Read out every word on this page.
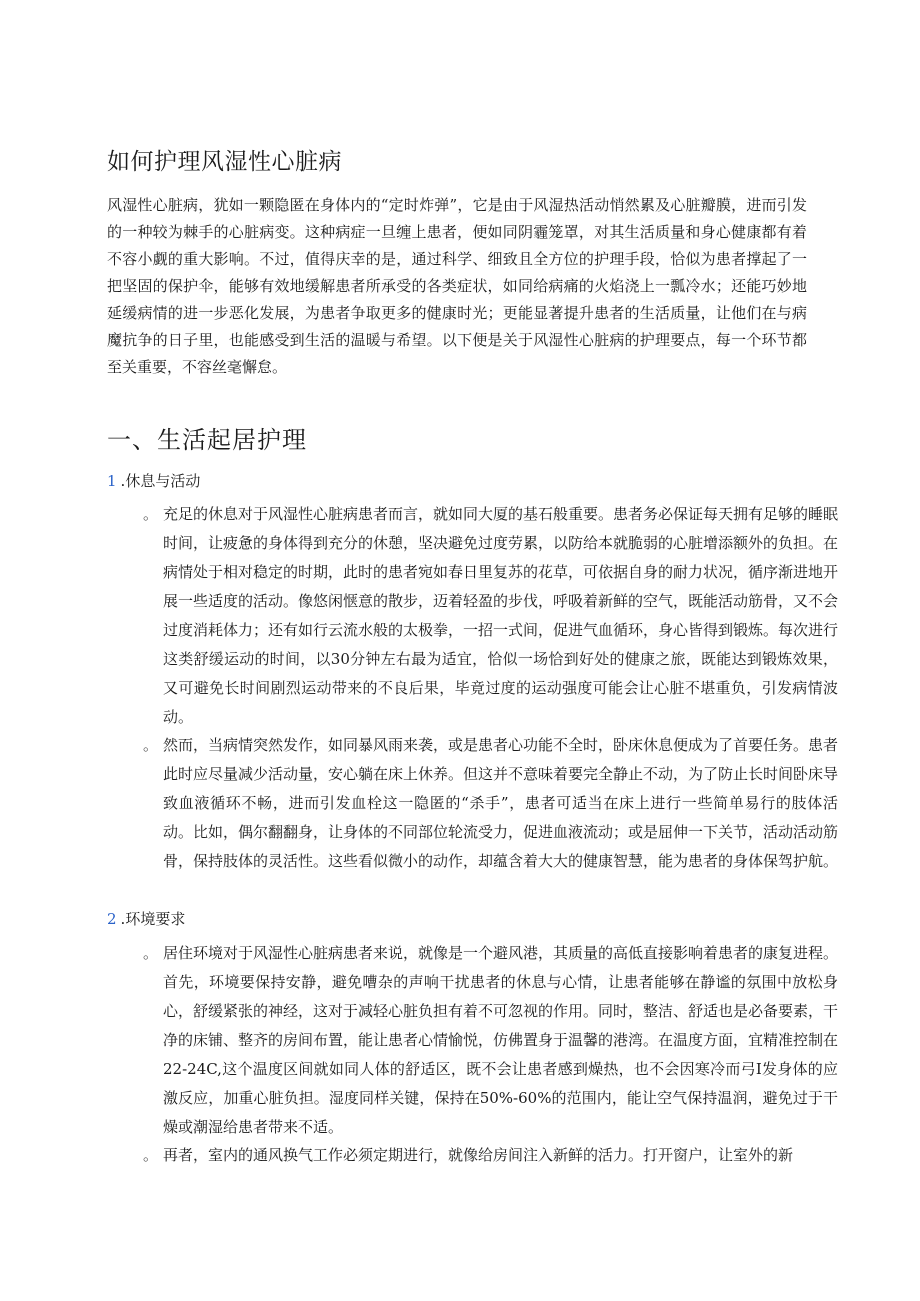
如何护理风湿性心脏病

风湿性心脏病，犹如一颗隐匿在身体内的“定时炸弹”，它是由于风湿热活动悄然累及心脏瓣膜，进而引发的一种较为棘手的心脏病变。这种病症一旦缠上患者，便如同阴霾笼罩，对其生活质量和身心健康都有着不容小觑的重大影响。不过，值得庆幸的是，通过科学、细致且全方位的护理手段，恰似为患者撑起了一把坚固的保护伞，能够有效地缓解患者所承受的各类症状，如同给病痛的火焰浇上一瓢冷水；还能巧妙地延缓病情的进一步恶化发展，为患者争取更多的健康时光；更能显著提升患者的生活质量，让他们在与病魔抗争的日子里，也能感受到生活的温暖与希望。以下便是关于风湿性心脏病的护理要点，每一个环节都至关重要，不容丝毫懈怠。

一、生活起居护理

1 .休息与活动

。 充足的休息对于风湿性心脏病患者而言，就如同大厦的基石般重要。患者务必保证每天拥有足够的睡眠时间，让疲惫的身体得到充分的休憩，坚决避免过度劳累，以防给本就脆弱的心脏增添额外的负担。在病情处于相对稳定的时期，此时的患者宛如春日里复苏的花草，可依据自身的耐力状况，循序渐进地开展一些适度的活动。像悠闲惬意的散步，迈着轻盈的步伐，呼吸着新鲜的空气，既能活动筋骨，又不会过度消耗体力；还有如行云流水般的太极拳，一招一式间，促进气血循环，身心皆得到锻炼。每次进行这类舒缓运动的时间，以30分钟左右最为适宜，恰似一场恰到好处的健康之旅，既能达到锻炼效果，又可避免长时间剧烈运动带来的不良后果，毕竟过度的运动强度可能会让心脏不堪重负，引发病情波动。

。 然而，当病情突然发作，如同暴风雨来袭，或是患者心功能不全时，卧床休息便成为了首要任务。患者此时应尽量减少活动量，安心躺在床上休养。但这并不意味着要完全静止不动，为了防止长时间卧床导致血液循环不畅，进而引发血栓这一隐匿的“杀手”，患者可适当在床上进行一些简单易行的肢体活动。比如，偶尔翻翻身，让身体的不同部位轮流受力，促进血液流动；或是屈伸一下关节，活动活动筋骨，保持肢体的灵活性。这些看似微小的动作，却蕴含着大大的健康智慧，能为患者的身体保驾护航。

2 .环境要求

。 居住环境对于风湿性心脏病患者来说，就像是一个避风港，其质量的高低直接影响着患者的康复进程。首先，环境要保持安静，避免嘈杂的声响干扰患者的休息与心情，让患者能够在静谧的氛围中放松身心，舒缓紧张的神经，这对于减轻心脏负担有着不可忽视的作用。同时，整洁、舒适也是必备要素，干净的床铺、整齐的房间布置，能让患者心情愉悦，仿佛置身于温馨的港湾。在温度方面，宜精准控制在22-24C,这个温度区间就如同人体的舒适区，既不会让患者感到燥热，也不会因寒冷而弓I发身体的应激反应，加重心脏负担。湿度同样关键，保持在50%-60%的范围内，能让空气保持温润，避免过于干燥或潮湿给患者带来不适。

。 再者，室内的通风换气工作必须定期进行，就像给房间注入新鲜的活力。打开窗户，让室外的新
